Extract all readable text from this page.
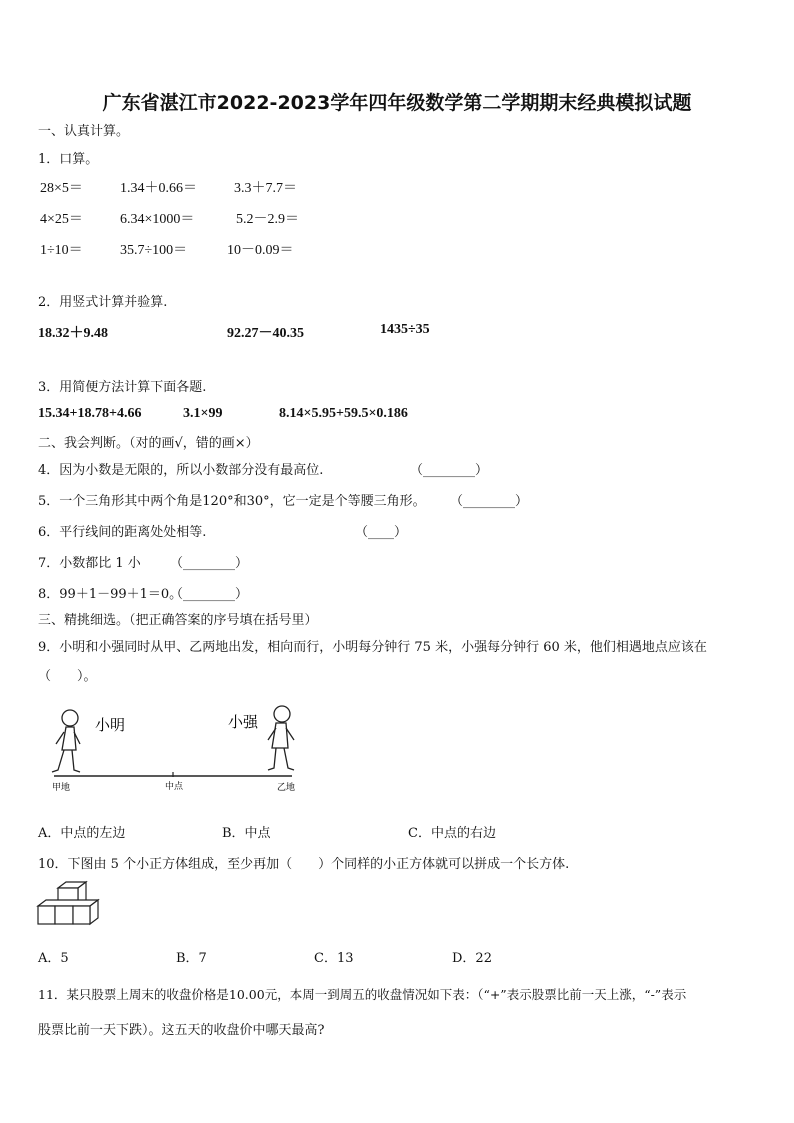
广东省湛江市2022-2023学年四年级数学第二学期期末经典模拟试题
一、认真计算。
1．口算。
28×5＝	1.34＋0.66＝	3.3＋7.7＝
4×25＝	6.34×1000＝	5.2－2.9＝
1÷10＝	35.7÷100＝	10－0.09＝
2．用竖式计算并验算.
18.32＋9.48	92.27－40.35	1435÷35
3．用简便方法计算下面各题.
15.34+18.78+4.66	3.1×99	8.14×5.95+59.5×0.186
二、我会判断。（对的画√，错的画×）
4．因为小数是无限的，所以小数部分没有最高位.	（________）
5．一个三角形其中两个角是120°和30°，它一定是个等腰三角形。 （________）
6．平行线间的距离处处相等.	（____）
7．小数都比 1 小 （________）
8．99＋1－99＋1＝0。
（________）
三、精挑细选。（把正确答案的序号填在括号里）
9．小明和小强同时从甲、乙两地出发，相向而行，小明每分钟行 75 米，小强每分钟行 60 米，他们相遇地点应该在
（　　）。
小明	小强
甲地	中点	乙地
A．中点的左边	B．中点	C．中点的右边
10．下图由 5 个小正方体组成，至少再加（　　）个同样的小正方体就可以拼成一个长方体.
A．5	B．7	C．13	D．22
11．某只股票上周末的收盘价格是10.00元，本周一到周五的收盘情况如下表：（“+”表示股票比前一天上涨，“-”表示
股票比前一天下跌）。这五天的收盘价中哪天最高?
